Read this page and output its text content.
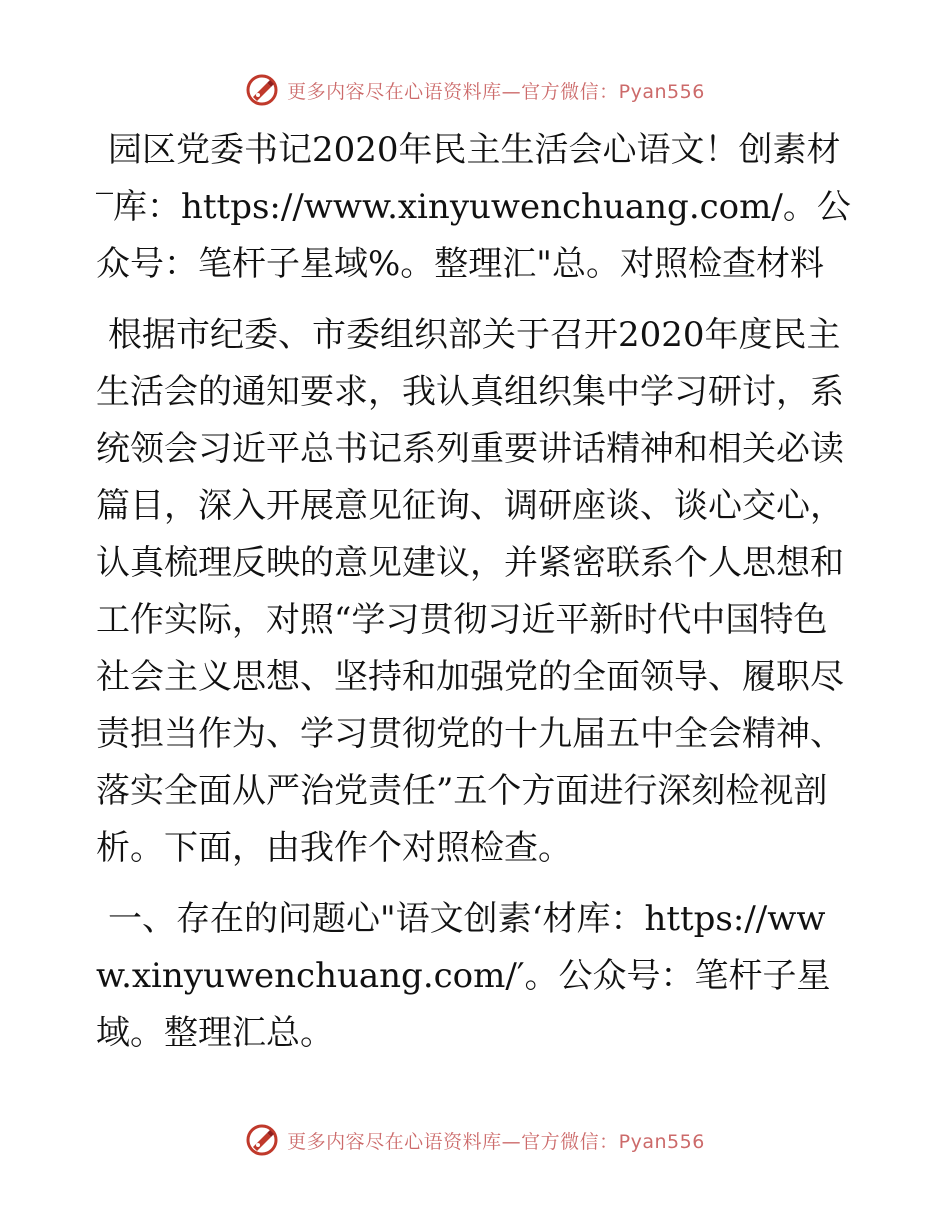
更多内容尽在心语资料库—官方微信：Pyan556

园区党委书记2020年民主生活会心语文！创素材‾库：https://www.xinyuwenchuang.com/。公众号：笔杆子星域%。整理汇"总。对照检查材料

根据市纪委、市委组织部关于召开2020年度民主生活会的通知要求，我认真组织集中学习研讨，系统领会习近平总书记系列重要讲话精神和相关必读篇目，深入开展意见征询、调研座谈、谈心交心，认真梳理反映的意见建议，并紧密联系个人思想和工作实际，对照“学习贯彻习近平新时代中国特色社会主义思想、坚持和加强党的全面领导、履职尽责担当作为、学习贯彻党的十九届五中全会精神、落实全面从严治党责任”五个方面进行深刻检视剖析。下面，由我作个对照检查。

一、存在的问题心"语文创素‘材库：https://www.xinyuwenchuang.com/′。公众号：笔杆子星域。整理汇总。

更多内容尽在心语资料库—官方微信：Pyan556
